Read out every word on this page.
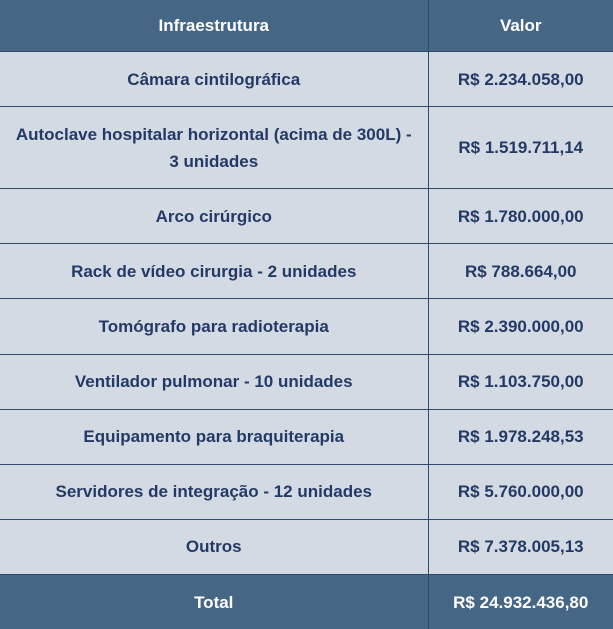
Infraestrutura	Valor
Câmara cintilográfica	R$ 2.234.058,00
Autoclave hospitalar horizontal (acima de 300L) - 3 unidades	R$ 1.519.711,14
Arco cirúrgico	R$ 1.780.000,00
Rack de vídeo cirurgia - 2 unidades	R$ 788.664,00
Tomógrafo para radioterapia	R$ 2.390.000,00
Ventilador pulmonar - 10 unidades	R$ 1.103.750,00
Equipamento para braquiterapia	R$ 1.978.248,53
Servidores de integração - 12 unidades	R$ 5.760.000,00
Outros	R$ 7.378.005,13
Total	R$ 24.932.436,80
